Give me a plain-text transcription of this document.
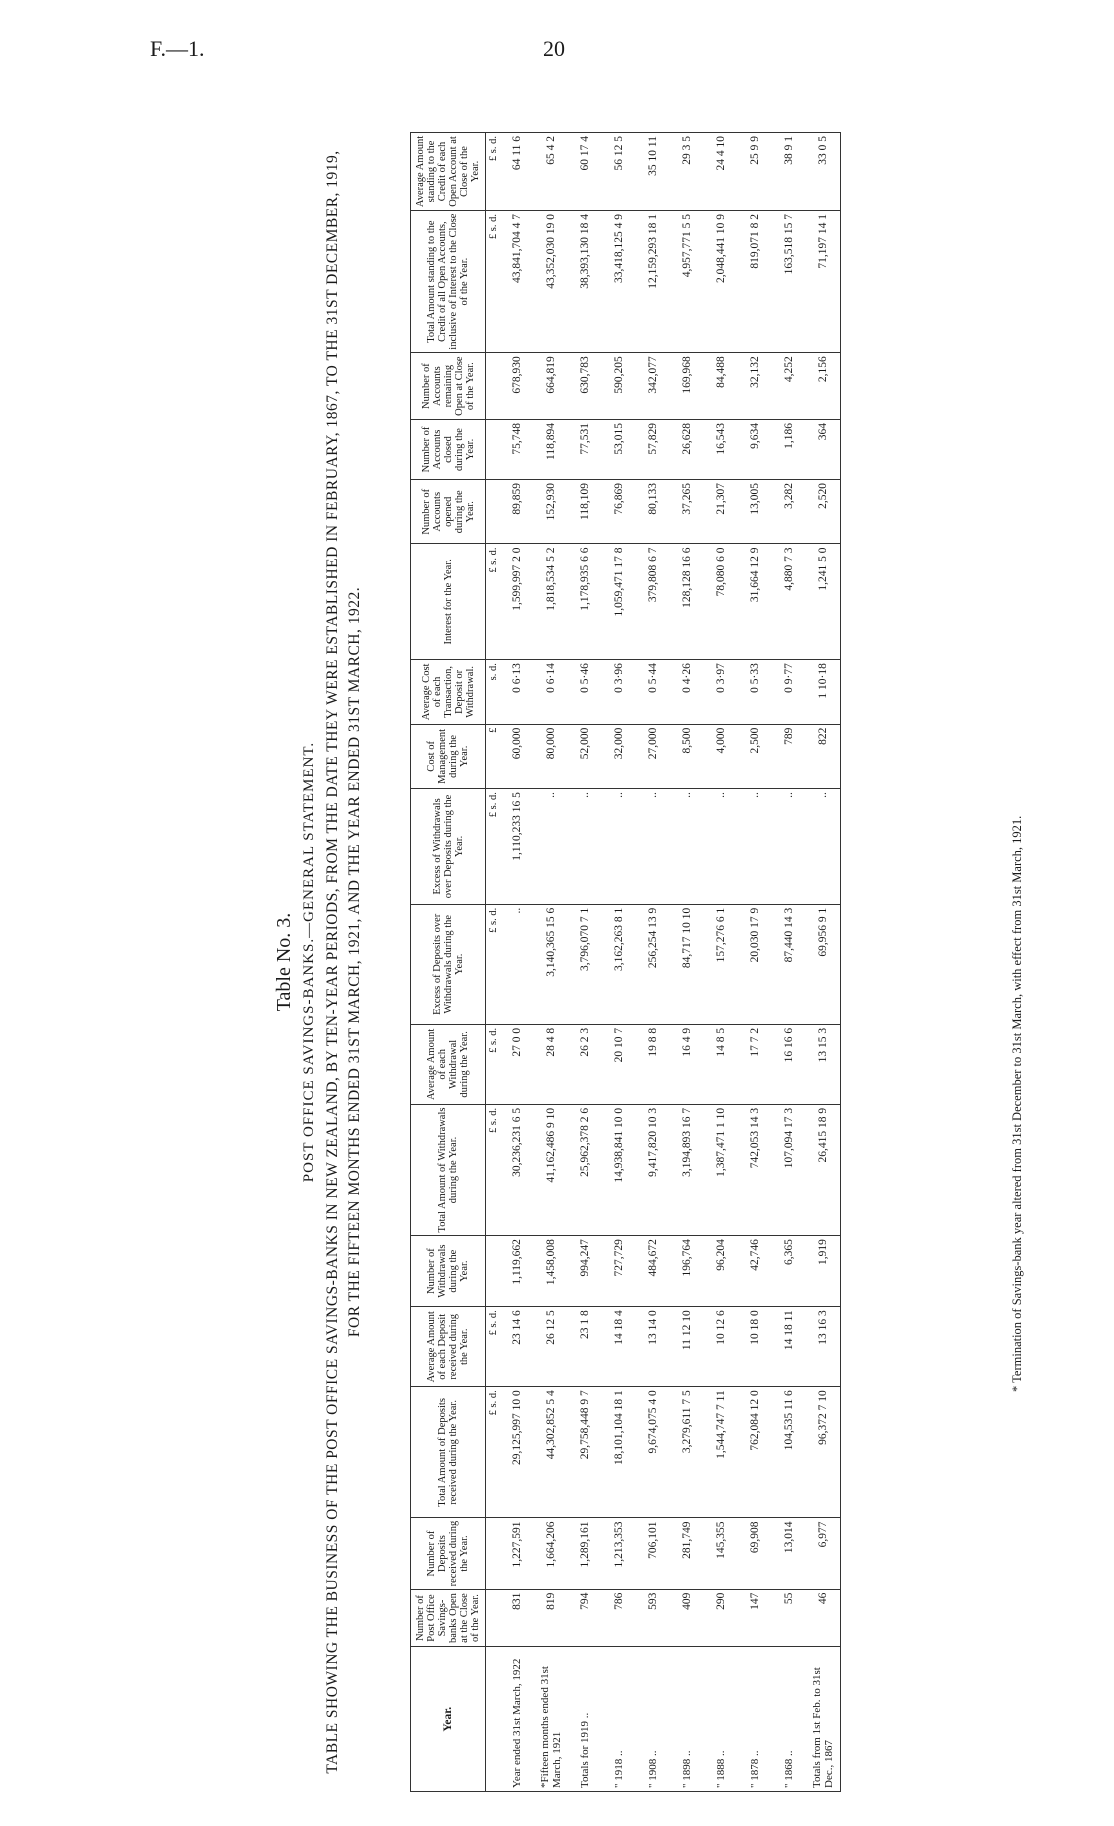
F.—1.	20

Table No. 3. POST OFFICE SAVINGS-BANKS.—GENERAL STATEMENT. TABLE SHOWING THE BUSINESS OF THE POST OFFICE SAVINGS-BANKS IN NEW ZEALAND, BY TEN-YEAR PERIODS, FROM THE DATE THEY WERE ESTABLISHED IN FEBRUARY, 1867, TO THE 31ST DECEMBER, 1919, FOR THE FIFTEEN MONTHS ENDED 31ST MARCH, 1921, AND THE YEAR ENDED 31ST MARCH, 1922.

Year.	Number of Post Office Savings-banks Open at the Close of the Year.	Number of Deposits received during the Year.	Total Amount of Deposits received during the Year.	Average Amount of each Deposit received during the Year.	Number of Withdrawals during the Year.	Total Amount of Withdrawals during the Year.	Average Amount of each Withdrawal during the Year.	Excess of Deposits over Withdrawals during the Year.	Excess of Withdrawals over Deposits during the Year.	Cost of Management during the Year.	Average Cost of each Transaction, Deposit or Withdrawal.	Interest for the Year.	Number of Accounts opened during the Year.	Number of Accounts closed during the Year.	Number of Accounts remaining Open at Close of the Year.	Total Amount standing to the Credit of all Open Accounts, inclusive of Interest to the Close of the Year.	Average Amount standing to the Credit of each Open Account at Close of the Year.
			£ s. d.	£ s. d.		£ s. d.	£ s. d.	£ s. d.	£ s. d.	£	s. d.	£ s. d.				£ s. d.	£ s. d.
Year ended 31st March, 1922	831	1,227,591	29,125,997 10 0	23 14 6	1,119,662	30,236,231 6 5	27 0 0	..	1,110,233 16 5	60,000	0 6·13	1,599,997 2 0	89,859	75,748	678,930	43,841,704 4 7	64 11 6
*Fifteen months ended 31st March, 1921	819	1,664,206	44,302,852 5 4	26 12 5	1,458,008	41,162,486 9 10	28 4 8	3,140,365 15 6	..	80,000	0 6·14	1,818,534 5 2	152,930	118,894	664,819	43,352,030 19 0	65 4 2
Totals for 1919 ..	794	1,289,161	29,758,448 9 7	23 1 8	994,247	25,962,378 2 6	26 2 3	3,796,070 7 1	..	52,000	0 5·46	1,178,935 6 6	118,109	77,531	630,783	38,393,130 18 4	60 17 4
" 1918 ..	786	1,213,353	18,101,104 18 1	14 18 4	727,729	14,938,841 10 0	20 10 7	3,162,263 8 1	..	32,000	0 3·96	1,059,471 17 8	76,869	53,015	590,205	33,418,125 4 9	56 12 5
" 1908 ..	593	706,101	9,674,075 4 0	13 14 0	484,672	9,417,820 10 3	19 8 8	256,254 13 9	..	27,000	0 5·44	379,808 6 7	80,133	57,829	342,077	12,159,293 18 1	35 10 11
" 1898 ..	409	281,749	3,279,611 7 5	11 12 10	196,764	3,194,893 16 7	16 4 9	84,717 10 10	..	8,500	0 4·26	128,128 16 6	37,265	26,628	169,968	4,957,771 5 5	29 3 5
" 1888 ..	290	145,355	1,544,747 7 11	10 12 6	96,204	1,387,471 1 10	14 8 5	157,276 6 1	..	4,000	0 3·97	78,080 6 0	21,307	16,543	84,488	2,048,441 10 9	24 4 10
" 1878 ..	147	69,908	762,084 12 0	10 18 0	42,746	742,053 14 3	17 7 2	20,030 17 9	..	2,500	0 5·33	31,664 12 9	13,005	9,634	32,132	819,071 8 2	25 9 9
" 1868 ..	55	13,014	104,535 11 6	14 18 11	6,365	107,094 17 3	16 16 6	87,440 14 3	..	789	0 9·77	4,880 7 3	3,282	1,186	4,252	163,518 15 7	38 9 1
Totals from 1st Feb. to 31st Dec., 1867	46	6,977	96,372 7 10	13 16 3	1,919	26,415 18 9	13 15 3	69,956 9 1	..	822	1 10·18	1,241 5 0	2,520	364	2,156	71,197 14 1	33 0 5
* Termination of Savings-bank year altered from 31st December to 31st March, with effect from 31st March, 1921.
